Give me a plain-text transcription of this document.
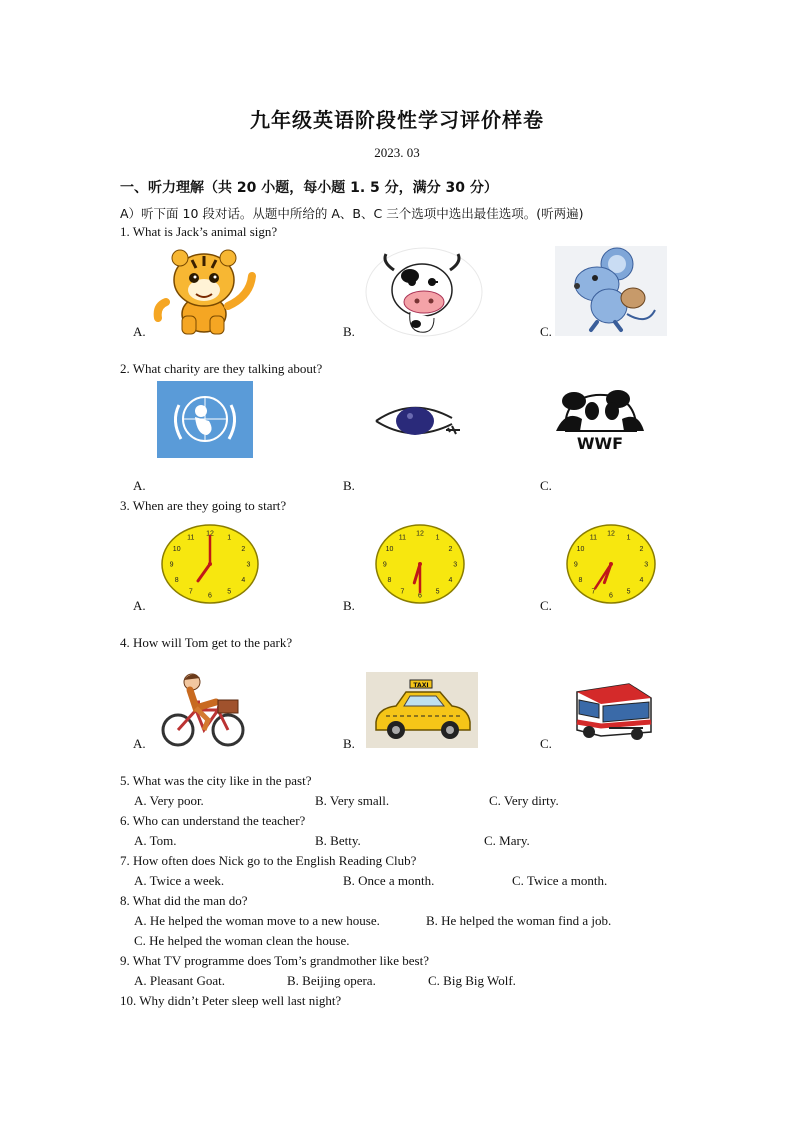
九年级英语阶段性学习评价样卷
2023. 03
一、听力理解（共 20 小题，每小题 1. 5 分，满分 30 分）
A）听下面 10 段对话。从题中所给的 A、B、C 三个选项中选出最佳选项。(听两遍)
1. What is Jack’s animal sign?
A.	B.	C.
2. What charity are they talking about?
A.	B.	C.
WWF
3. When are they going to start?
A.	B.	C.
1
2
3
4
5
6
7
8
9
10
11
12
1
2
3
4
5
6
7
8
9
10
11
12
1
2
3
4
5
6
7
8
9
10
11
12
4. How will Tom get to the park?
A.	B.	C.
TAXI
5. What was the city like in the past?
A. Very poor.	B. Very small.	C. Very dirty.
6. Who can understand the teacher?
A. Tom.	B. Betty.	C. Mary.
7. How often does Nick go to the English Reading Club?
A. Twice a week.	B. Once a month.	C. Twice a month.
8. What did the man do?
A. He helped the woman move to a new house.	B. He helped the woman find a job.
C. He helped the woman clean the house.
9. What TV programme does Tom’s grandmother like best?
A. Pleasant Goat.	B. Beijing opera.	C. Big Big Wolf.
10. Why didn’t Peter sleep well last night?
